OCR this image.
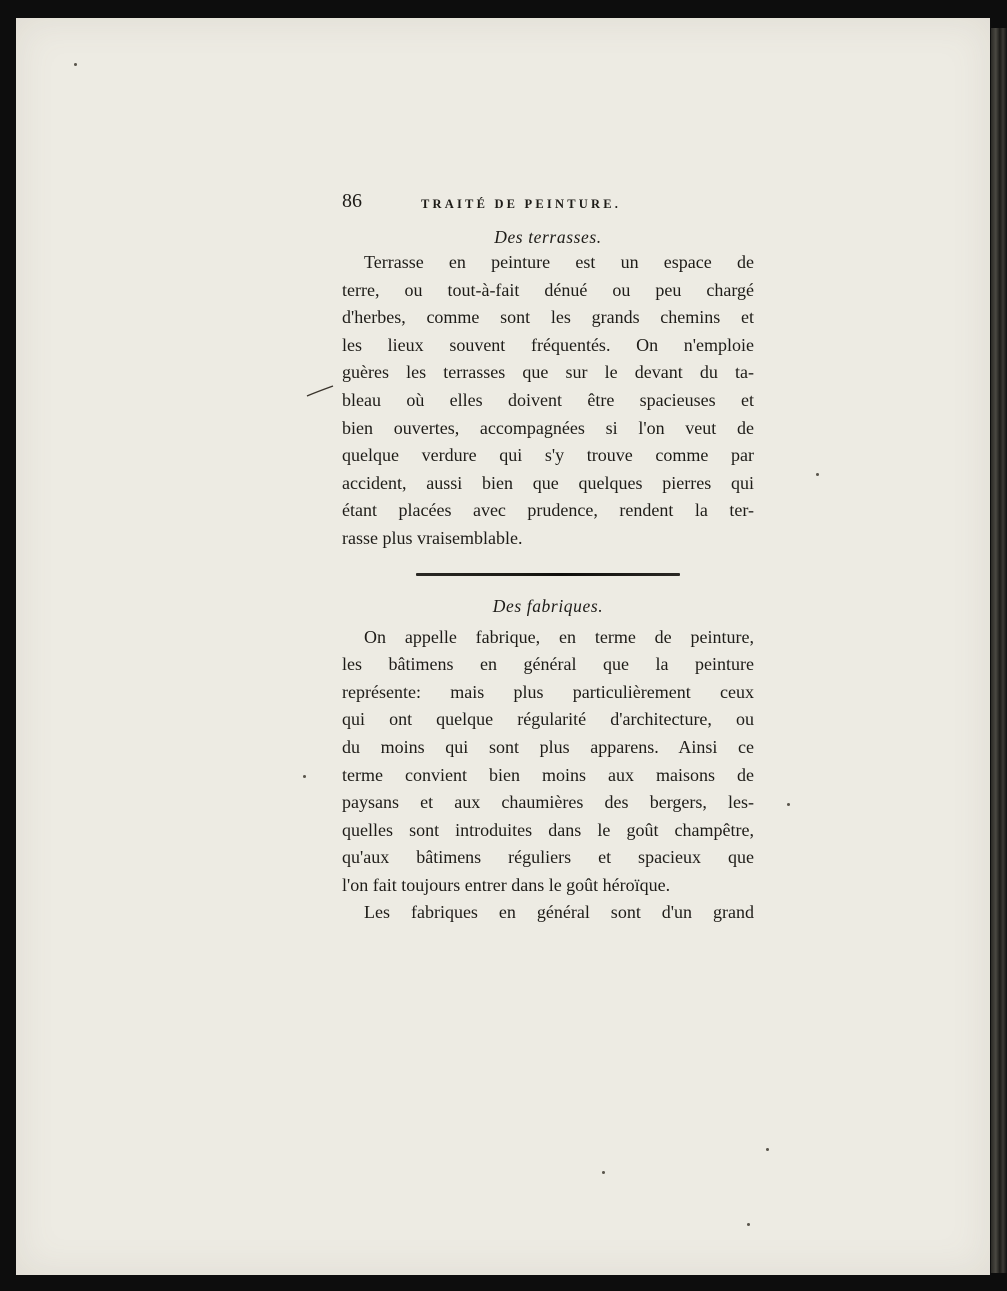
86	TRAITÉ DE PEINTURE.

Des terrasses.

Terrasse en peinture est un espace de
terre, ou tout-à-fait dénué ou peu chargé
d'herbes, comme sont les grands chemins et
les lieux souvent fréquentés. On n'emploie
guères les terrasses que sur le devant du ta-
bleau où elles doivent être spacieuses et
bien ouvertes, accompagnées si l'on veut de
quelque verdure qui s'y trouve comme par
accident, aussi bien que quelques pierres qui
étant placées avec prudence, rendent la ter-
rasse plus vraisemblable.

Des fabriques.

On appelle fabrique, en terme de peinture,
les bâtimens en général que la peinture
représente: mais plus particulièrement ceux
qui ont quelque régularité d'architecture, ou
du moins qui sont plus apparens. Ainsi ce
terme convient bien moins aux maisons de
paysans et aux chaumières des bergers, les-
quelles sont introduites dans le goût champêtre,
qu'aux bâtimens réguliers et spacieux que
l'on fait toujours entrer dans le goût héroïque.
Les fabriques en général sont d'un grand
